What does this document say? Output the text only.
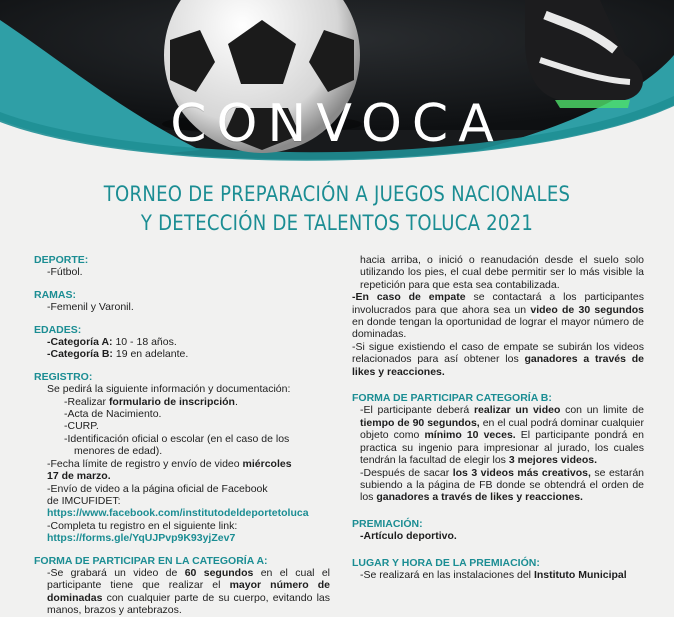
CONVOCA
TORNEO DE PREPARACIÓN A JUEGOS NACIONALES
Y DETECCIÓN DE TALENTOS TOLUCA 2021
DEPORTE:
-Fútbol.
RAMAS:
-Femenil y Varonil.
EDADES:
-Categoría A: 10 - 18 años.
-Categoría B: 19 en adelante.
REGISTRO:
Se pedirá la siguiente información y documentación:
-Realizar formulario de inscripción.
-Acta de Nacimiento.
-CURP.
-Identificación oficial o escolar (en el caso de los
menores de edad).
-Fecha límite de registro y envío de video miércoles
17 de marzo.
-Envío de video a la página oficial de Facebook
de IMCUFIDET:
https://www.facebook.com/institutodeldeportetoluca
-Completa tu registro en el siguiente link:
https://forms.gle/YqUJPvp9K93yjZev7
FORMA DE PARTICIPAR EN LA CATEGORÍA A:
-Se grabará un video de 60 segundos en el cual el participante tiene que realizar el mayor número de dominadas con cualquier parte de su cuerpo, evitando las manos, brazos y antebrazos.
hacia arriba, o inició o reanudación desde el suelo solo utilizando los pies, el cual debe permitir ser lo más visible la repetición para que esta sea contabilizada.
-En caso de empate se contactará a los participantes involucrados para que ahora sea un video de 30 segundos en donde tengan la oportunidad de lograr el mayor número de dominadas.
-Si sigue existiendo el caso de empate se subirán los videos relacionados para así obtener los ganadores a través de likes y reacciones.
FORMA DE PARTICIPAR CATEGORÍA B:
-El participante deberá realizar un video con un limite de tiempo de 90 segundos, en el cual podrá dominar cualquier objeto como mínimo 10 veces. El participante pondrá en practica su ingenio para impresionar al jurado, los cuales tendrán la facultad de elegir los 3 mejores videos.
-Después de sacar los 3 videos más creativos, se estarán subiendo a la página de FB donde se obtendrá el orden de los ganadores a través de likes y reacciones.
PREMIACIÓN:
-Artículo deportivo.
LUGAR Y HORA DE LA PREMIACIÓN:
-Se realizará en las instalaciones del Instituto Municipal
